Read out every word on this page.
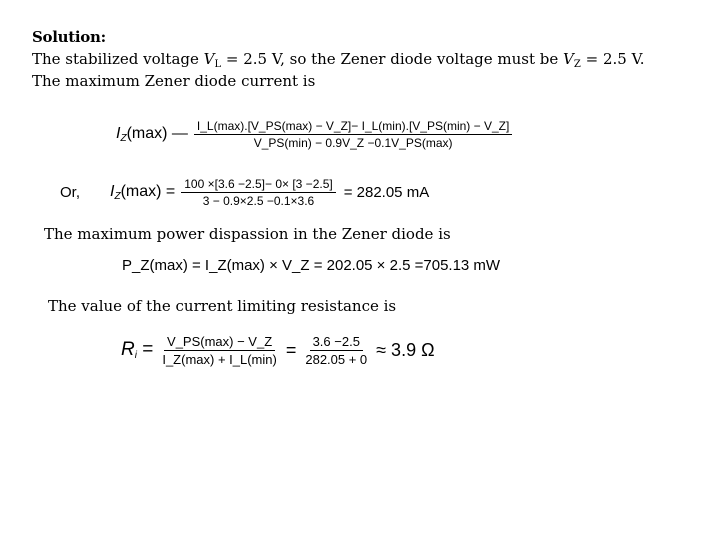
Solution:
The stabilized voltage $V_L = 2.5$ V, so the Zener diode voltage must be $V_Z = 2.5$ V.
The maximum Zener diode current is
$I_Z(\max)$ — $\frac{I\_L(\max).[V\_PS(\max) - V\_Z]- I\_L(\min).[V\_PS(\min) - V\_Z]}{V\_PS(\min) - 0.9V\_Z -0.1V\_PS(\max)}$
Or, $I_Z(\max) = \frac{100 \times[3.6 -2.5]- 0\times [3 -2.5]}{3 - 0.9\times 2.5 -0.1\times 3.6} = 282.05$ mA
The maximum power dispassion in the Zener diode is
P_Z(max) = I_Z(max) × V_Z = 202.05 × 2.5 =705.13 mW
The value of the current limiting resistance is
$R_i = \frac{V\_PS(\max) - V\_Z}{I\_Z(\max) + I\_L(\min)} = \frac{3.6 -2.5}{282.05 + 0} \approx 3.9$ Ω
